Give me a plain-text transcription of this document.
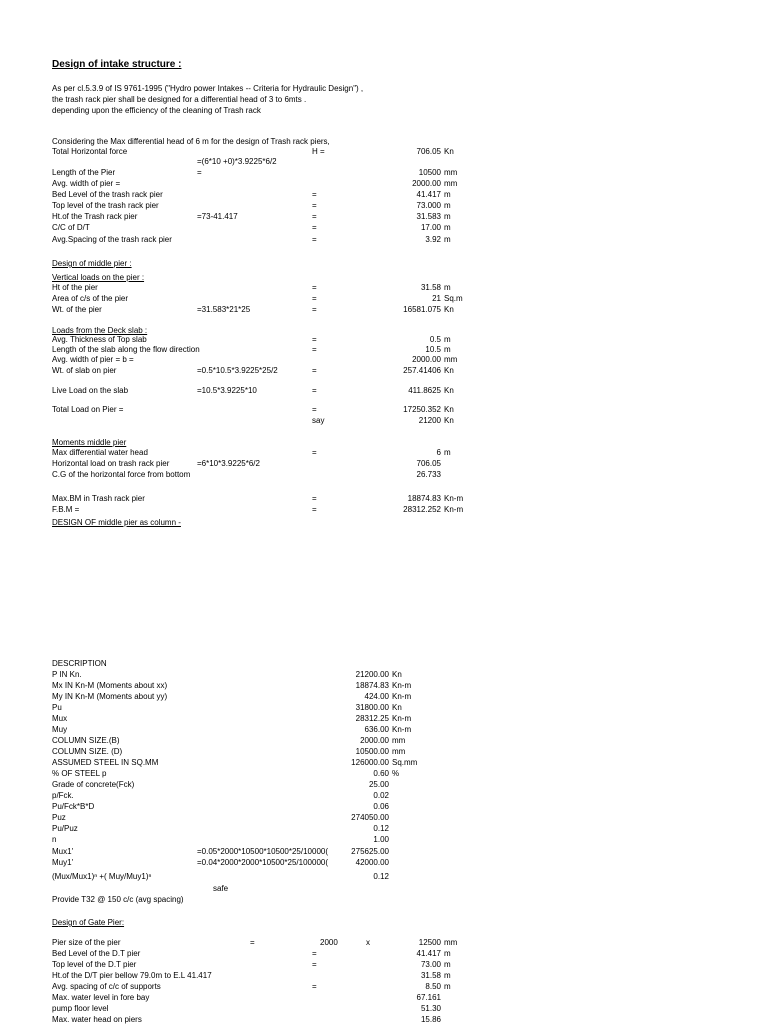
Design of intake structure :
As per cl.5.3.9 of IS 9761-1995 ("Hydro power Intakes -- Criteria for Hydraulic Design") ,
the trash rack pier shall be designed for a differential head of 3 to 6mts .
depending upon the efficiency of the cleaning of Trash rack
Considering the Max differential head of 6 m for the design of Trash rack piers,
Total Horizontal force	H =	706.05 Kn
=(6*10 +0)*3.9225*6/2
Length of the Pier	=	10500 mm
Avg. width of pier =	2000.00 mm
Bed Level of the trash rack pier	=	41.417 m
Top level of the trash rack pier	=	73.000 m
Ht.of the Trash rack pier	=73-41.417	=	31.583 m
C/C of D/T	=	17.00 m
Avg.Spacing of the trash rack pier	=	3.92 m
Design of middle pier :
Vertical loads on the pier :
Ht of the pier	=	31.58 m
Area of c/s of the pier	=	21 Sq.m
Wt. of the pier	=31.583*21*25	=	16581.075 Kn
Loads from the Deck slab :
Avg. Thickness of Top slab	=	0.5 m
Length of the slab along the flow direction	=	10.5 m
Avg. width of pier = b =	2000.00 mm
Wt. of slab on pier	=0.5*10.5*3.9225*25/2	=	257.41406 Kn
Live Load on the slab	=10.5*3.9225*10	=	411.8625 Kn
Total Load on Pier =	=	17250.352 Kn
say	21200 Kn
Moments middle pier
Max differential water head	=	6 m
Horizontal load on trash rack pier	=6*10*3.9225*6/2	706.05
C.G of the horizontal force from bottom	26.733
Max.BM in Trash rack pier	=	18874.83 Kn-m
F.B.M =	=	28312.252 Kn-m
DESIGN OF middle pier as column -
DESCRIPTION
P IN Kn.	21200.00 Kn
Mx IN Kn-M (Moments about xx)	18874.83 Kn-m
My IN Kn-M (Moments about yy)	424.00 Kn-m
Pu	31800.00 Kn
Mux	28312.25 Kn-m
Muy	636.00 Kn-m
COLUMN SIZE.(B)	2000.00 mm
COLUMN SIZE. (D)	10500.00 mm
ASSUMED STEEL IN SQ.MM	126000.00 Sq.mm
% OF STEEL p	0.60 %
Grade of concrete(Fck)	25.00
p/Fck.	0.02
Pu/Fck*B*D	0.06
Puz	274050.00
Pu/Puz	0.12
n	1.00
Mux1'	=0.05*2000*10500*10500*25/10000(	275625.00
Muy1'	=0.04*2000*2000*10500*25/100000(	42000.00
(Mux/Mux1)ⁿ +( Muy/Muy1)ⁿ	0.12
safe
Provide T32 @ 150 c/c (avg spacing)
Design of Gate Pier:
Pier size of the pier	=	2000	x	12500 mm
Bed Level of the D.T pier	=	41.417 m
Top level of the D.T pier	=	73.00 m
Ht.of the D/T pier bellow 79.0m to E.L 41.417	31.58 m
Avg. spacing of c/c of supports	=	8.50 m
Max. water level in fore bay	67.161
pump floor level	51.30
Max. water head on piers	15.86
